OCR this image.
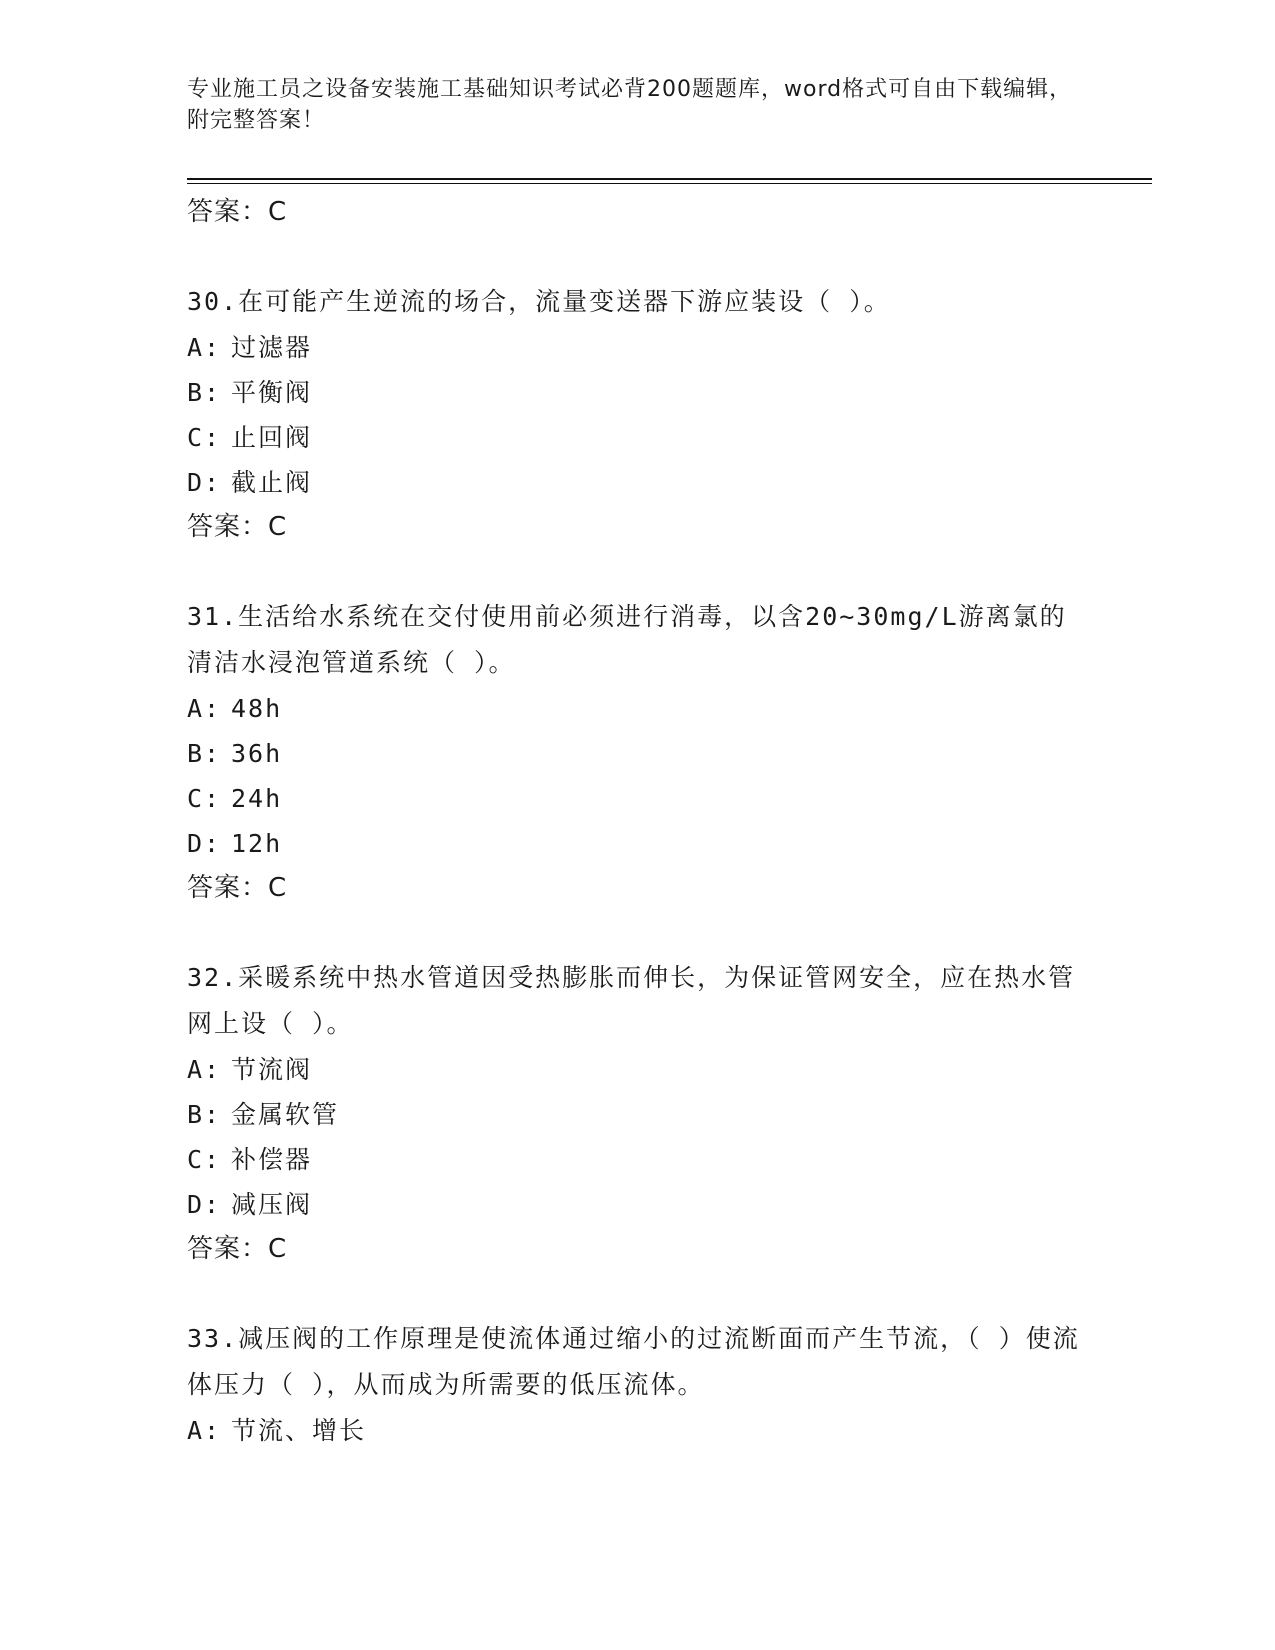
专业施工员之设备安装施工基础知识考试必背200题题库，word格式可自由下载编辑，附完整答案！
答案：C
30.在可能产生逆流的场合，流量变送器下游应装设（ ）。
A: 过滤器
B: 平衡阀
C: 止回阀
D: 截止阀
答案：C
31.生活给水系统在交付使用前必须进行消毒，以含20~30mg/L游离氯的清洁水浸泡管道系统（ ）。
A: 48h
B: 36h
C: 24h
D: 12h
答案：C
32.采暖系统中热水管道因受热膨胀而伸长，为保证管网安全，应在热水管网上设（ ）。
A: 节流阀
B: 金属软管
C: 补偿器
D: 减压阀
答案：C
33.减压阀的工作原理是使流体通过缩小的过流断面而产生节流，（ ）使流体压力（ ），从而成为所需要的低压流体。
A: 节流、增长
